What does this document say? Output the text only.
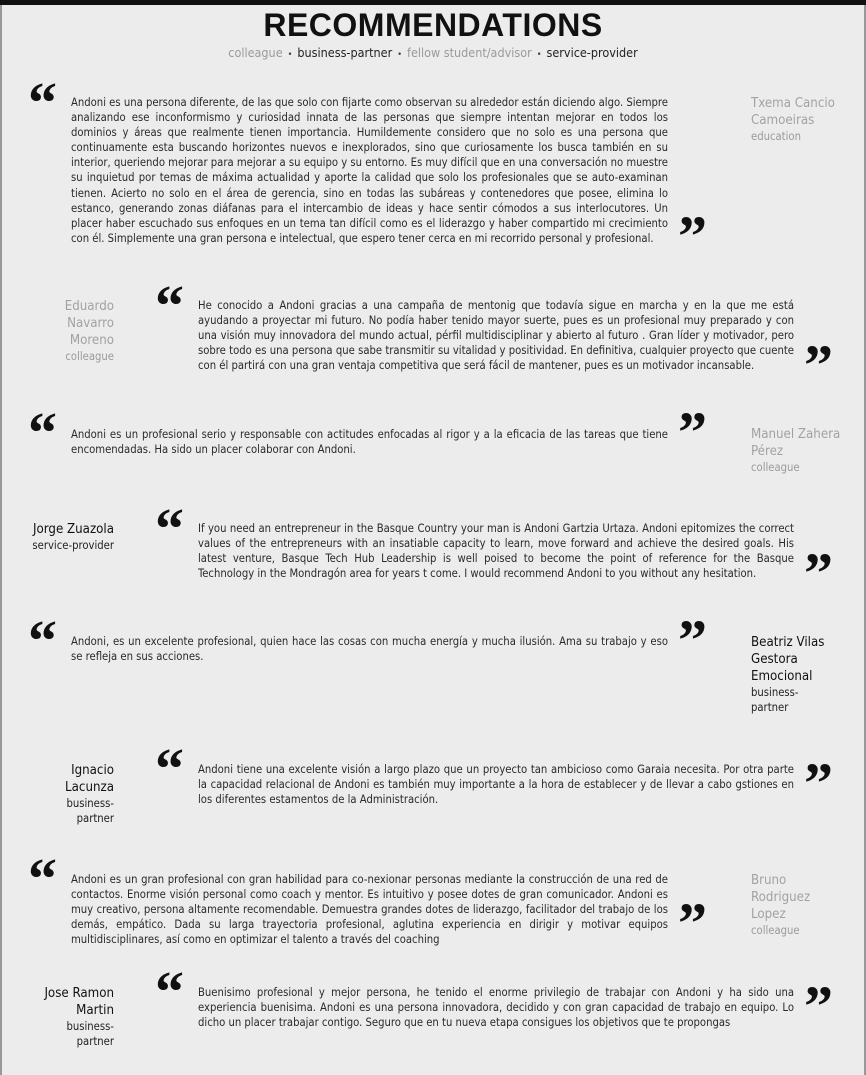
RECOMMENDATIONS
colleague • business-partner • fellow student/advisor • service-provider
“ Andoni es una persona diferente, de las que solo con fijarte como observan su alrededor están diciendo algo. Siempre analizando ese inconformismo y curiosidad innata de las personas que siempre intentan mejorar en todos los dominios y áreas que realmente tienen importancia. Humildemente considero que no solo es una persona que continuamente esta buscando horizontes nuevos e inexplorados, sino que curiosamente los busca también en su interior, queriendo mejorar para mejorar a su equipo y su entorno. Es muy difícil que en una conversación no muestre su inquietud por temas de máxima actualidad y aporte la calidad que solo los profesionales que se auto-examinan tienen. Acierto no solo en el área de gerencia, sino en todas las subáreas y contenedores que posee, elimina lo estanco, generando zonas diáfanas para el intercambio de ideas y hace sentir cómodos a sus interlocutores. Un placer haber escuchado sus enfoques en un tema tan difícil como es el liderazgo y haber compartido mi crecimiento con él. Simplemente una gran persona e intelectual, que espero tener cerca en mi recorrido personal y profesional. ”
Txema Cancio Camoeiras
education
Eduardo Navarro Moreno
colleague
“ He conocido a Andoni gracias a una campaña de mentonig que todavía sigue en marcha y en la que me está ayudando a proyectar mi futuro. No podía haber tenido mayor suerte, pues es un profesional muy preparado y con una visión muy innovadora del mundo actual, pérfil multidisciplinar y abierto al futuro . Gran líder y motivador, pero sobre todo es una persona que sabe transmitir su vitalidad y positividad. En definitiva, cualquier proyecto que cuente con él partirá con una gran ventaja competitiva que será fácil de mantener, pues es un motivador incansable. ”
“ Andoni es un profesional serio y responsable con actitudes enfocadas al rigor y a la eficacia de las tareas que tiene encomendadas. Ha sido un placer colaborar con Andoni.	”	Manuel Zahera Pérez
colleague
Jorge Zuazola
service-provider “ If you need an entrepreneur in the Basque Country your man is Andoni Gartzia Urtaza. Andoni epitomizes the correct values of the entrepreneurs with an insatiable capacity to learn, move forward and achieve the desired goals. His latest venture, Basque Tech Hub Leadership is well poised to become the point of reference for the Basque Technology in the Mondragón area for years t come. I would recommend Andoni to you without any hesitation. ”
“ Andoni, es un excelente profesional, quien hace las cosas con mucha energía y mucha ilusión. Ama su trabajo y eso se refleja en sus acciones.	”	Beatriz Vilas Gestora Emocional
business-partner
Ignacio Lacunza
business-partner
“ Andoni tiene una excelente visión a largo plazo que un proyecto tan ambicioso como Garaia necesita. Por otra parte la capacidad relacional de Andoni es también muy importante a la hora de establecer y de llevar a cabo gstiones en los diferentes estamentos de la Administración.	”
“ Andoni es un gran profesional con gran habilidad para co-nexionar personas mediante la construcción de una red de contactos. Enorme visión personal como coach y mentor. Es intuitivo y posee dotes de gran comunicador. Andoni es muy creativo, persona altamente recomendable. Demuestra grandes dotes de liderazgo, facilitador del trabajo de los demás, empático. Dada su larga trayectoria profesional, aglutina experiencia en dirigir y motivar equipos multidisciplinares, así como en optimizar el talento a través del coaching	”
Bruno Rodriguez Lopez
colleague
Jose Ramon Martin
business-partner
“ Buenisimo profesional y mejor persona, he tenido el enorme privilegio de trabajar con Andoni y ha sido una experiencia buenisima. Andoni es una persona innovadora, decidido y con gran capacidad de trabajo en equipo. Lo dicho un placer trabajar contigo. Seguro que en tu nueva etapa consigues los objetivos que te propongas	”
